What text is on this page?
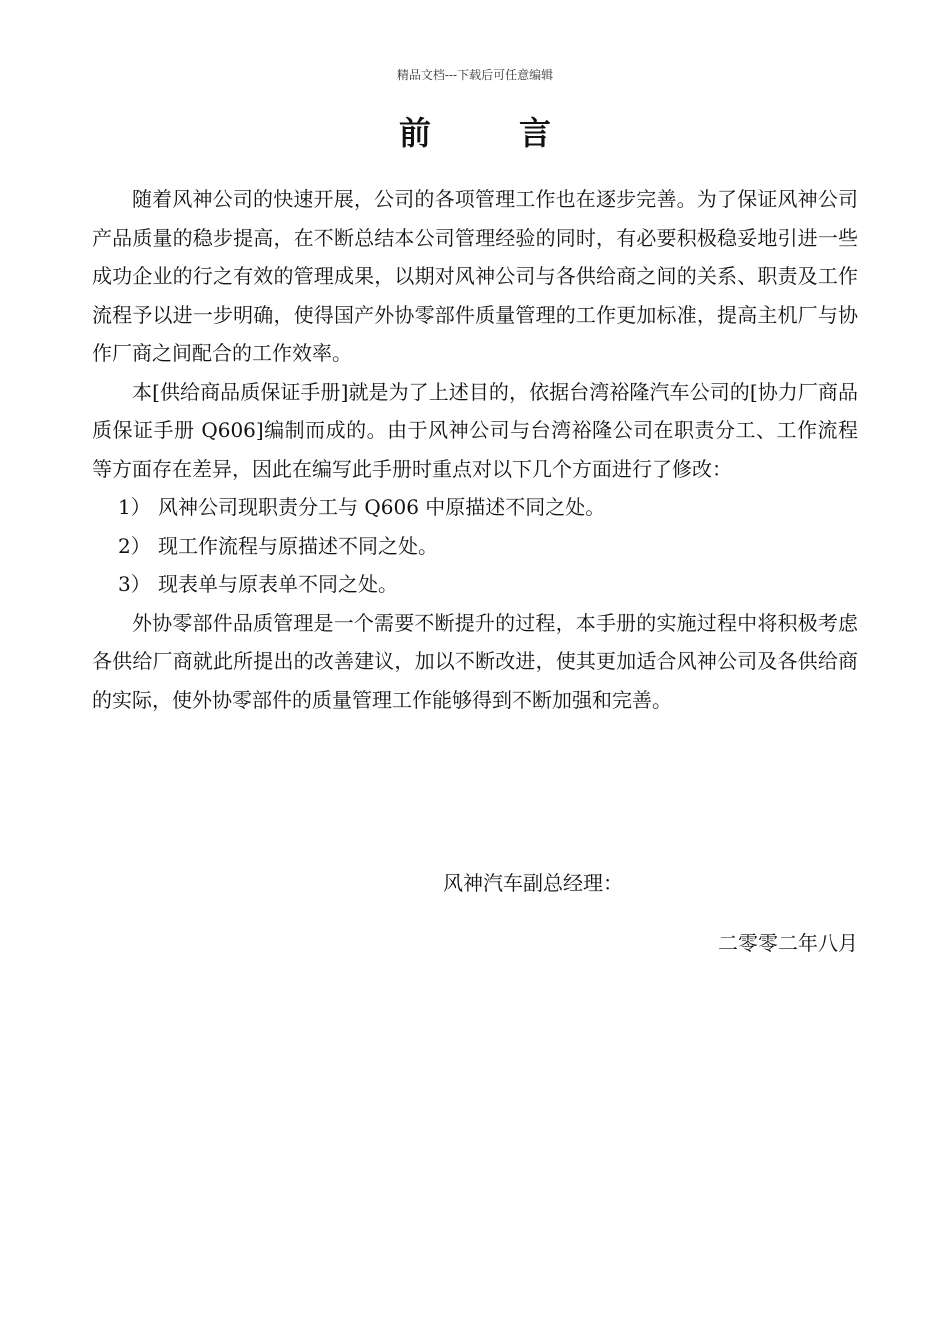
精品文档---下载后可任意编辑
前言

随着风神公司的快速开展，公司的各项管理工作也在逐步完善。为了保证风神公司产品质量的稳步提高，在不断总结本公司管理经验的同时，有必要积极稳妥地引进一些成功企业的行之有效的管理成果，以期对风神公司与各供给商之间的关系、职责及工作流程予以进一步明确，使得国产外协零部件质量管理的工作更加标准，提高主机厂与协作厂商之间配合的工作效率。

本[供给商品质保证手册]就是为了上述目的，依据台湾裕隆汽车公司的[协力厂商品质保证手册 Q606]编制而成的。由于风神公司与台湾裕隆公司在职责分工、工作流程等方面存在差异，因此在编写此手册时重点对以下几个方面进行了修改：

1） 风神公司现职责分工与 Q606 中原描述不同之处。
2） 现工作流程与原描述不同之处。
3） 现表单与原表单不同之处。

外协零部件品质管理是一个需要不断提升的过程，本手册的实施过程中将积极考虑各供给厂商就此所提出的改善建议，加以不断改进，使其更加适合风神公司及各供给商的实际，使外协零部件的质量管理工作能够得到不断加强和完善。

风神汽车副总经理：
二零零二年八月
